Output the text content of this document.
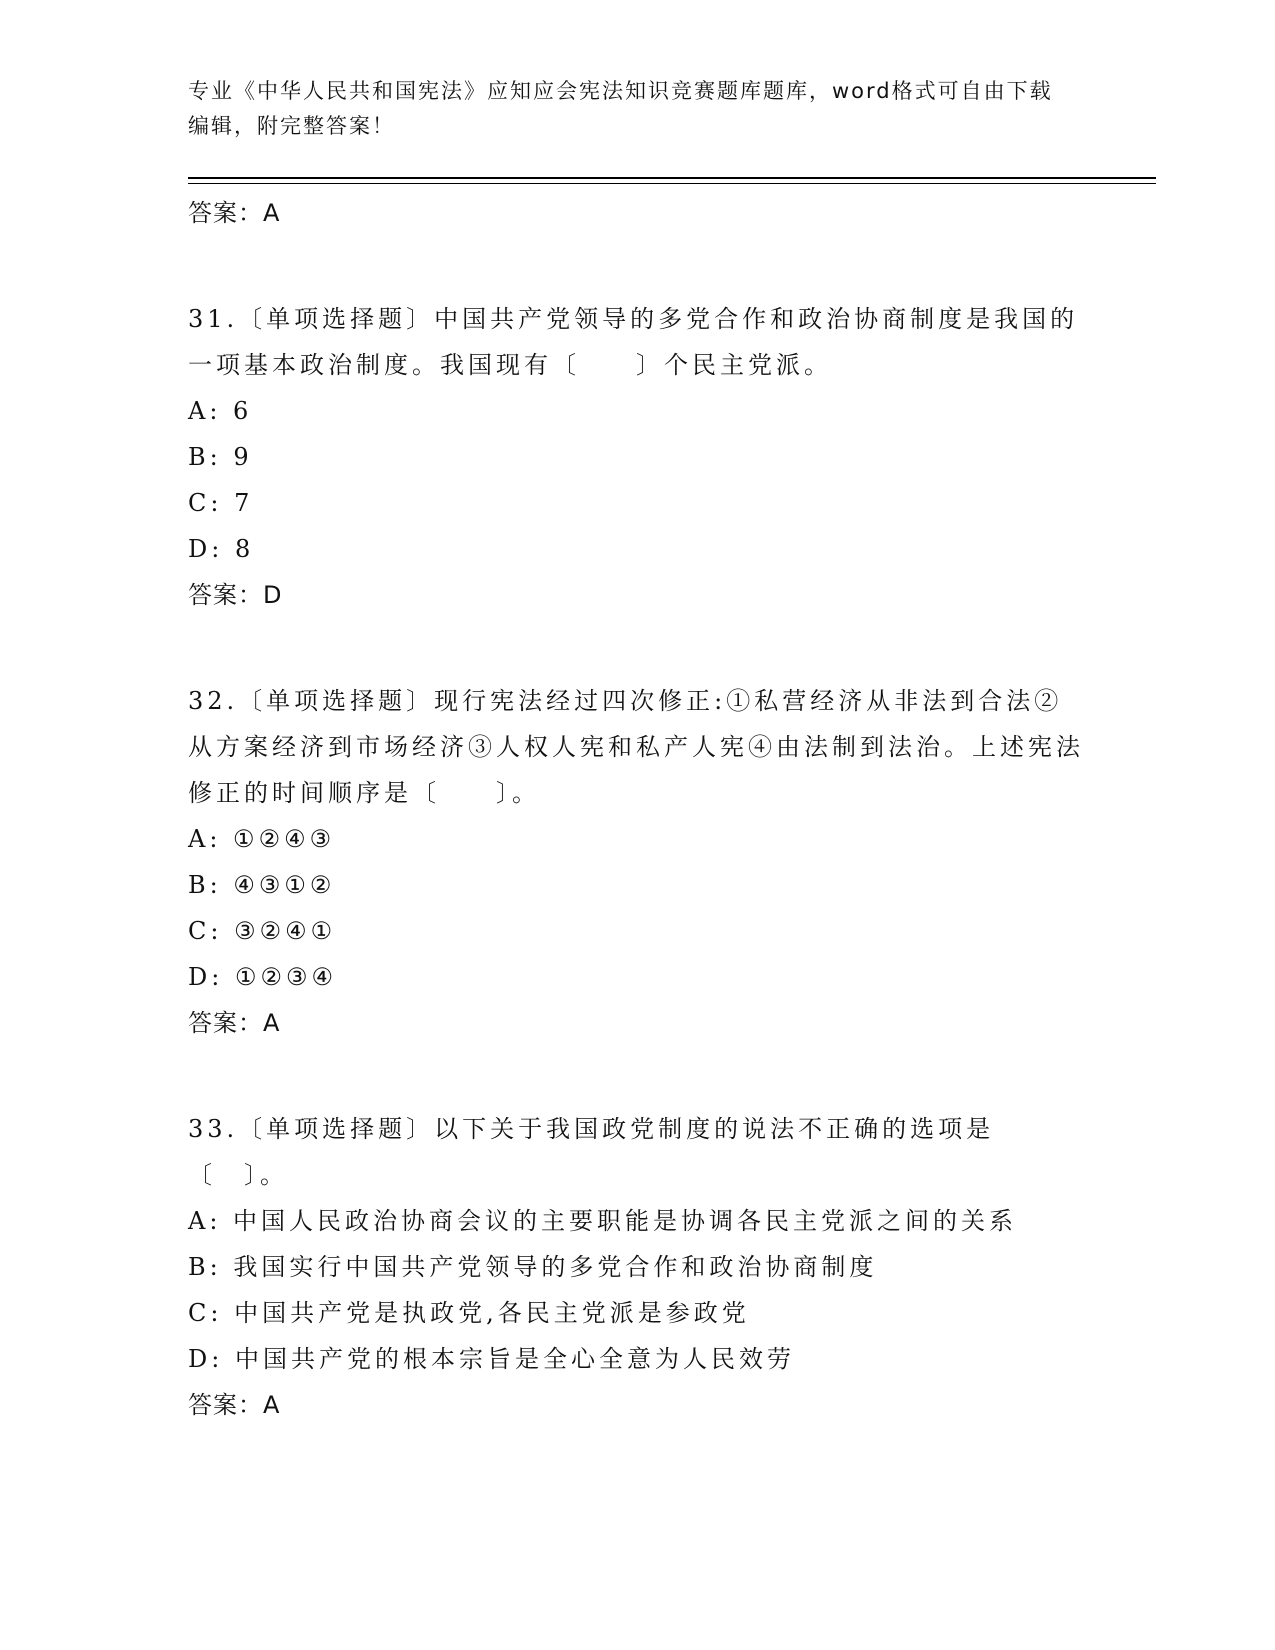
专业《中华人民共和国宪法》应知应会宪法知识竞赛题库题库，word格式可自由下载编辑，附完整答案！
答案：A
31.〔单项选择题〕中国共产党领导的多党合作和政治协商制度是我国的一项基本政治制度。我国现有〔　　〕个民主党派。
A: 6
B: 9
C: 7
D: 8
答案：D
32.〔单项选择题〕现行宪法经过四次修正:①私营经济从非法到合法②从方案经济到市场经济③人权人宪和私产人宪④由法制到法治。上述宪法修正的时间顺序是〔　　〕。
A: ①②④③
B: ④③①②
C: ③②④①
D: ①②③④
答案：A
33.〔单项选择题〕以下关于我国政党制度的说法不正确的选项是〔　〕。
A: 中国人民政治协商会议的主要职能是协调各民主党派之间的关系
B: 我国实行中国共产党领导的多党合作和政治协商制度
C: 中国共产党是执政党,各民主党派是参政党
D: 中国共产党的根本宗旨是全心全意为人民效劳
答案：A
